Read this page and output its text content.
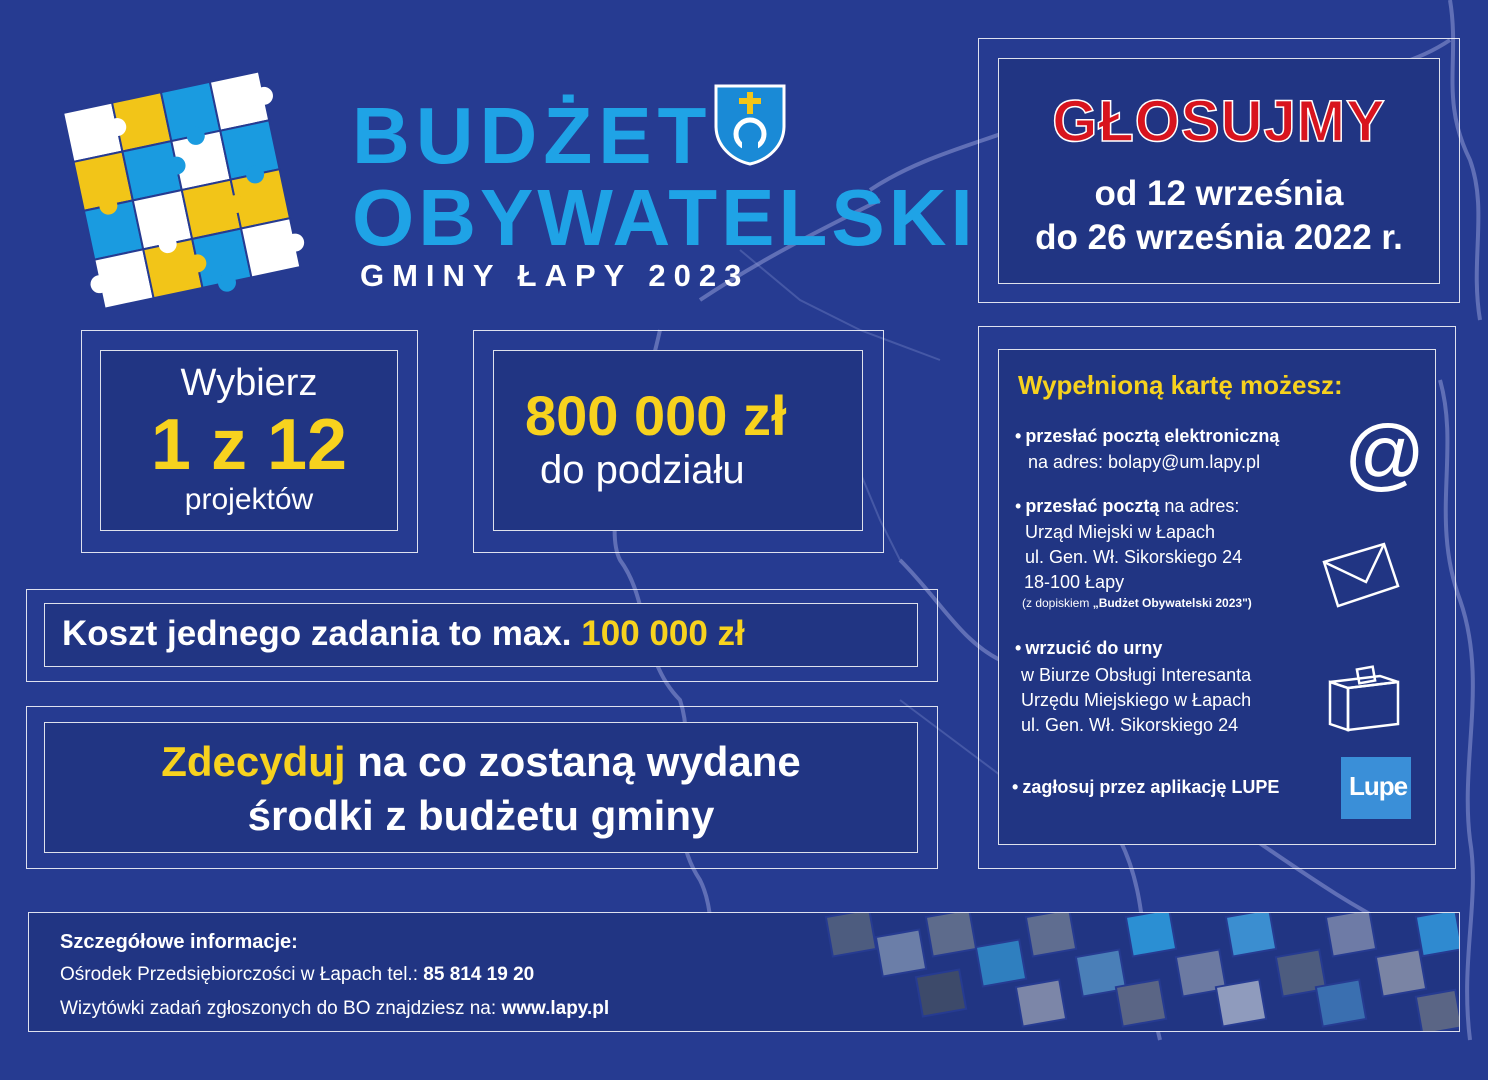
BUDŻET
OBYWATELSKI
GMINY ŁAPY 2023
Wybierz
1 z 12
projektów
800 000 zł
do podziału
Koszt jednego zadania to max. 100 000 zł
Zdecyduj na co zostaną wydane
środki z budżetu gminy
GŁOSUJMY
od 12 września
do 26 września 2022 r.
Wypełnioną kartę możesz:
• przesłać pocztą elektroniczną
na adres: bolapy@um.lapy.pl @
• przesłać pocztą na adres:
Urząd Miejski w Łapach
ul. Gen. Wł. Sikorskiego 24
18-100 Łapy
(z dopiskiem „Budżet Obywatelski 2023")
• wrzucić do urny
w Biurze Obsługi Interesanta
Urzędu Miejskiego w Łapach
ul. Gen. Wł. Sikorskiego 24
• zagłosuj przez aplikację LUPE	Lupe
Szczegółowe informacje:
Ośrodek Przedsiębiorczości w Łapach tel.: 85 814 19 20
Wizytówki zadań zgłoszonych do BO znajdziesz na: www.lapy.pl
